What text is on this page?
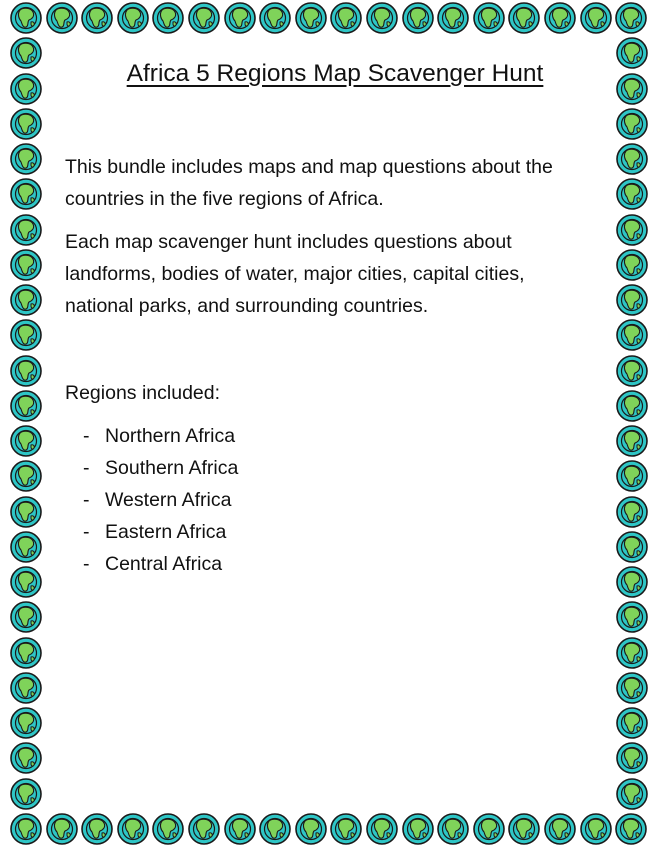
Africa 5 Regions Map Scavenger Hunt
This bundle includes maps and map questions about the countries in the five regions of Africa.
Each map scavenger hunt includes questions about landforms, bodies of water, major cities, capital cities, national parks, and surrounding countries.
Regions included:
- Northern Africa
- Southern Africa
- Western Africa
- Eastern Africa
- Central Africa
